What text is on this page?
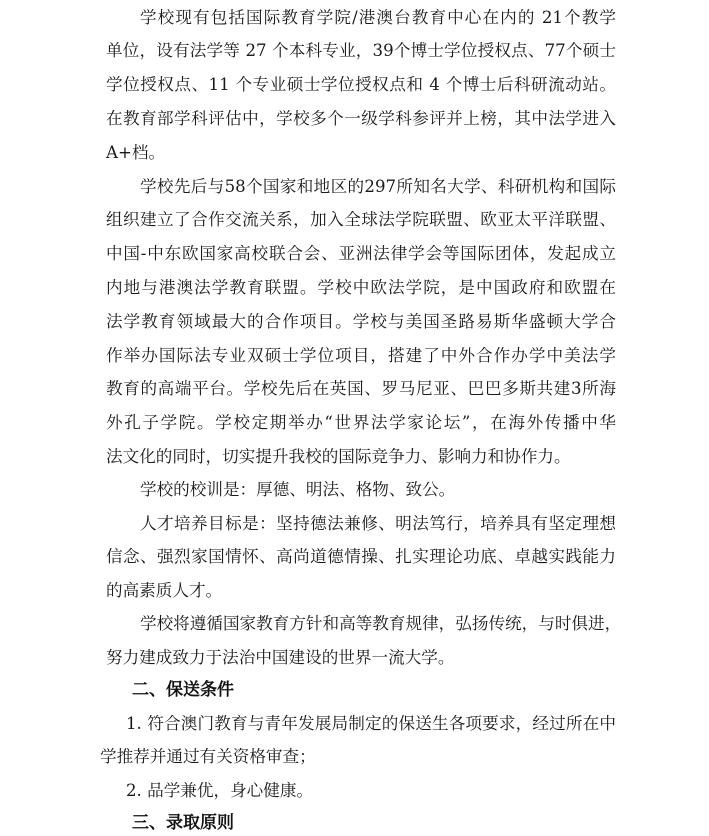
学校现有包括国际教育学院/港澳台教育中心在内的 21个教学
单位，设有法学等 27 个本科专业，39个博士学位授权点、77个硕士
学位授权点、11 个专业硕士学位授权点和 4 个博士后科研流动站。
在教育部学科评估中，学校多个一级学科参评并上榜，其中法学进入
A+档。
学校先后与58个国家和地区的297所知名大学、科研机构和国际
组织建立了合作交流关系，加入全球法学院联盟、欧亚太平洋联盟、
中国-中东欧国家高校联合会、亚洲法律学会等国际团体，发起成立
内地与港澳法学教育联盟。学校中欧法学院，是中国政府和欧盟在
法学教育领域最大的合作项目。学校与美国圣路易斯华盛顿大学合
作举办国际法专业双硕士学位项目，搭建了中外合作办学中美法学
教育的高端平台。学校先后在英国、罗马尼亚、巴巴多斯共建3所海
外孔子学院。学校定期举办“世界法学家论坛”，在海外传播中华
法文化的同时，切实提升我校的国际竞争力、影响力和协作力。
学校的校训是：厚德、明法、格物、致公。
人才培养目标是：坚持德法兼修、明法笃行，培养具有坚定理想
信念、强烈家国情怀、高尚道德情操、扎实理论功底、卓越实践能力
的高素质人才。
学校将遵循国家教育方针和高等教育规律，弘扬传统，与时俱进，
努力建成致力于法治中国建设的世界一流大学。
二、保送条件
1. 符合澳门教育与青年发展局制定的保送生各项要求，经过所在中
学推荐并通过有关资格审查；
2. 品学兼优，身心健康。
三、录取原则
